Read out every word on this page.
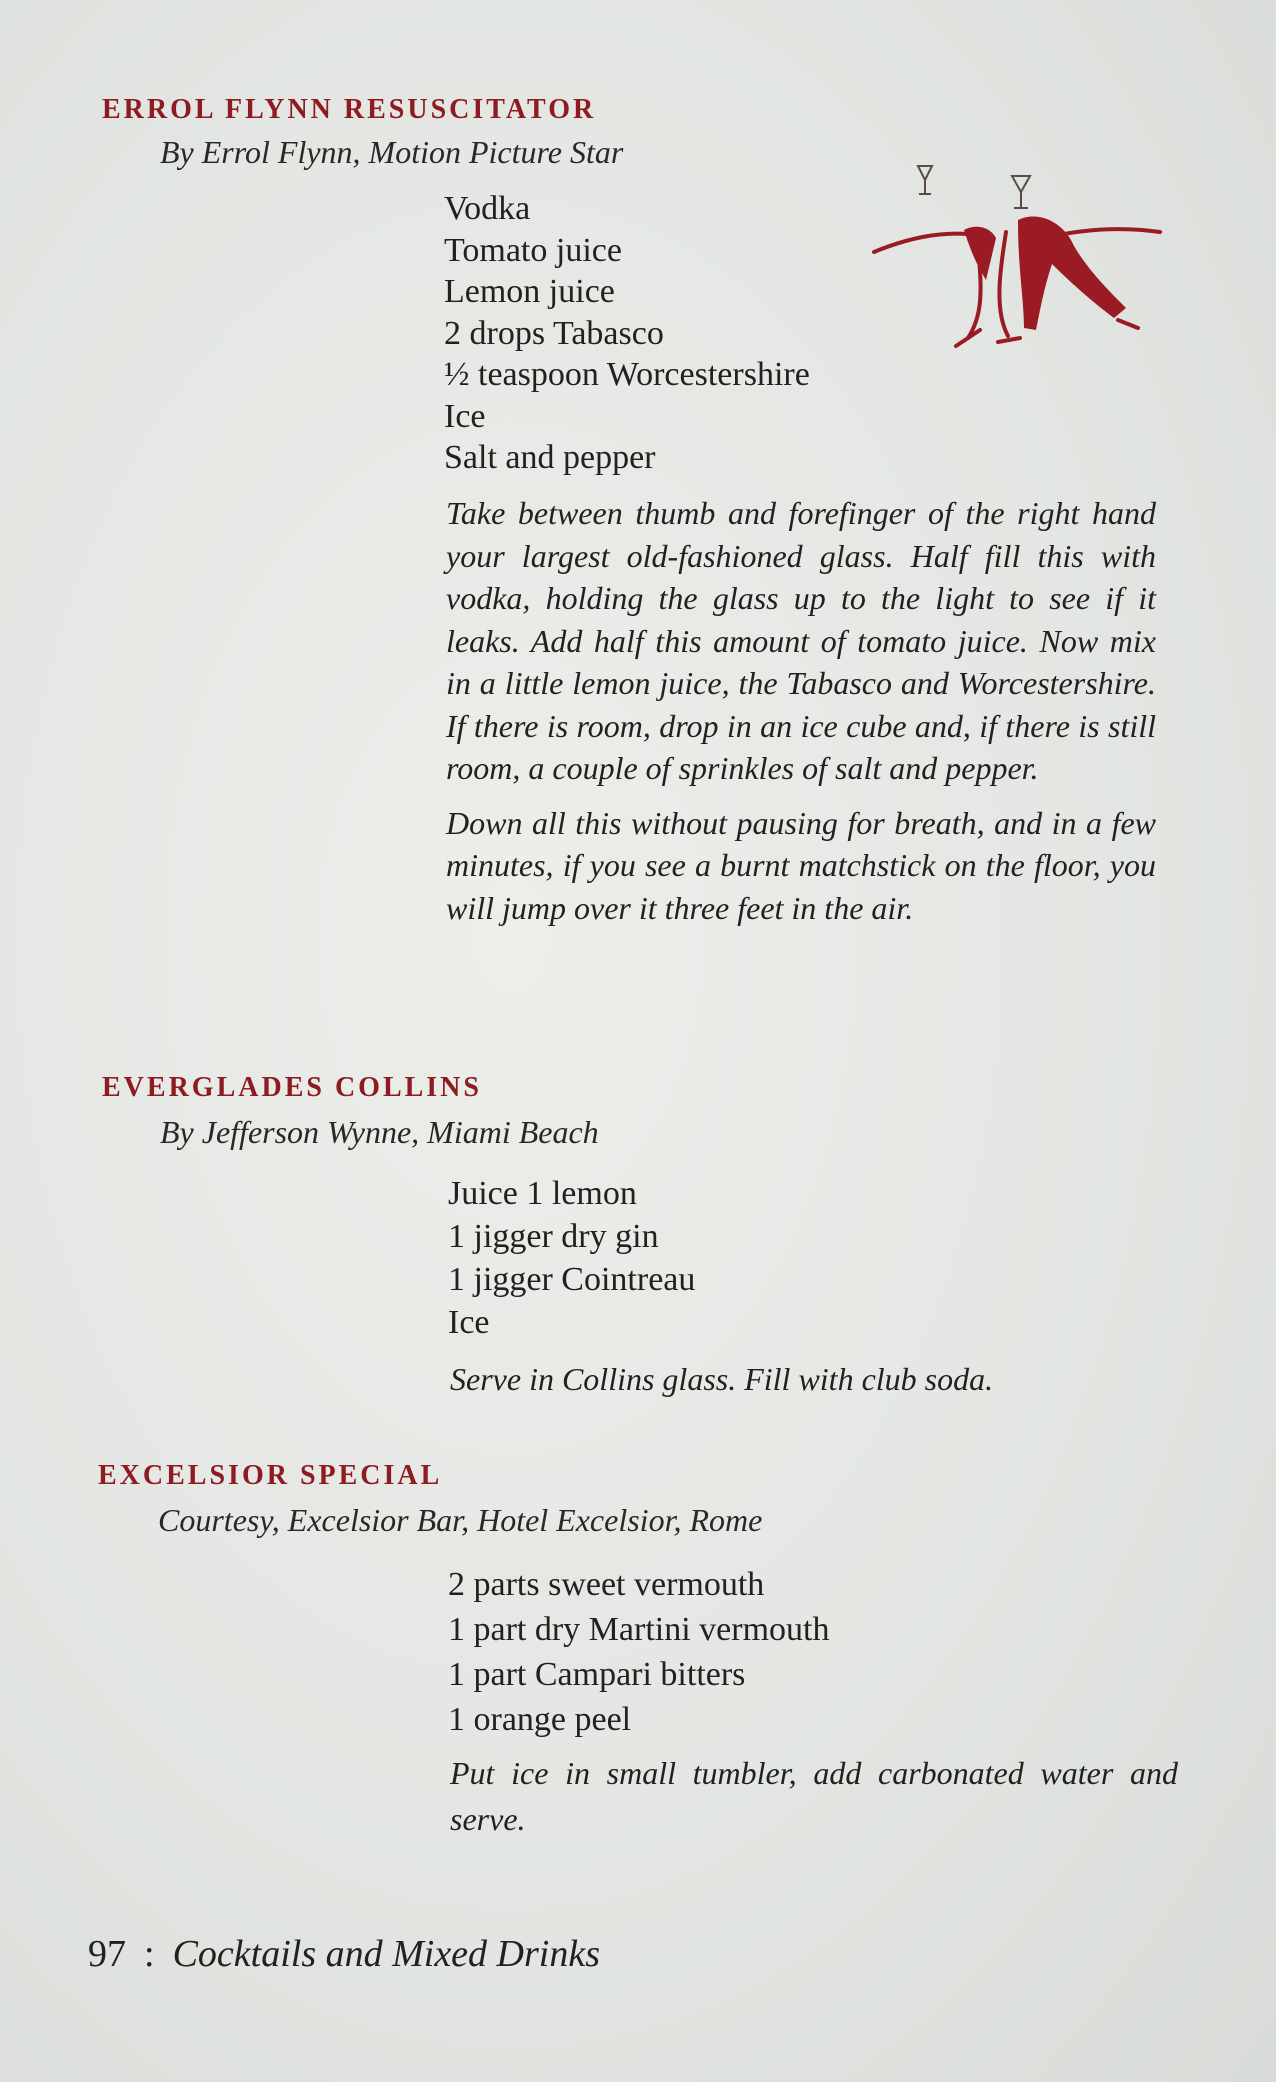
ERROL FLYNN RESUSCITATOR
By Errol Flynn, Motion Picture Star
Vodka
Tomato juice
Lemon juice
2 drops Tabasco
½ teaspoon Worcestershire
Ice
Salt and pepper

Take between thumb and forefinger of the right hand your largest old-fashioned glass. Half fill this with vodka, holding the glass up to the light to see if it leaks. Add half this amount of tomato juice. Now mix in a little lemon juice, the Tabasco and Worcestershire. If there is room, drop in an ice cube and, if there is still room, a couple of sprinkles of salt and pepper.

Down all this without pausing for breath, and in a few minutes, if you see a burnt matchstick on the floor, you will jump over it three feet in the air.

EVERGLADES COLLINS
By Jefferson Wynne, Miami Beach
Juice 1 lemon
1 jigger dry gin
1 jigger Cointreau
Ice

Serve in Collins glass. Fill with club soda.

EXCELSIOR SPECIAL
Courtesy, Excelsior Bar, Hotel Excelsior, Rome
2 parts sweet vermouth
1 part dry Martini vermouth
1 part Campari bitters
1 orange peel

Put ice in small tumbler, add carbonated water and serve.

97 : Cocktails and Mixed Drinks
